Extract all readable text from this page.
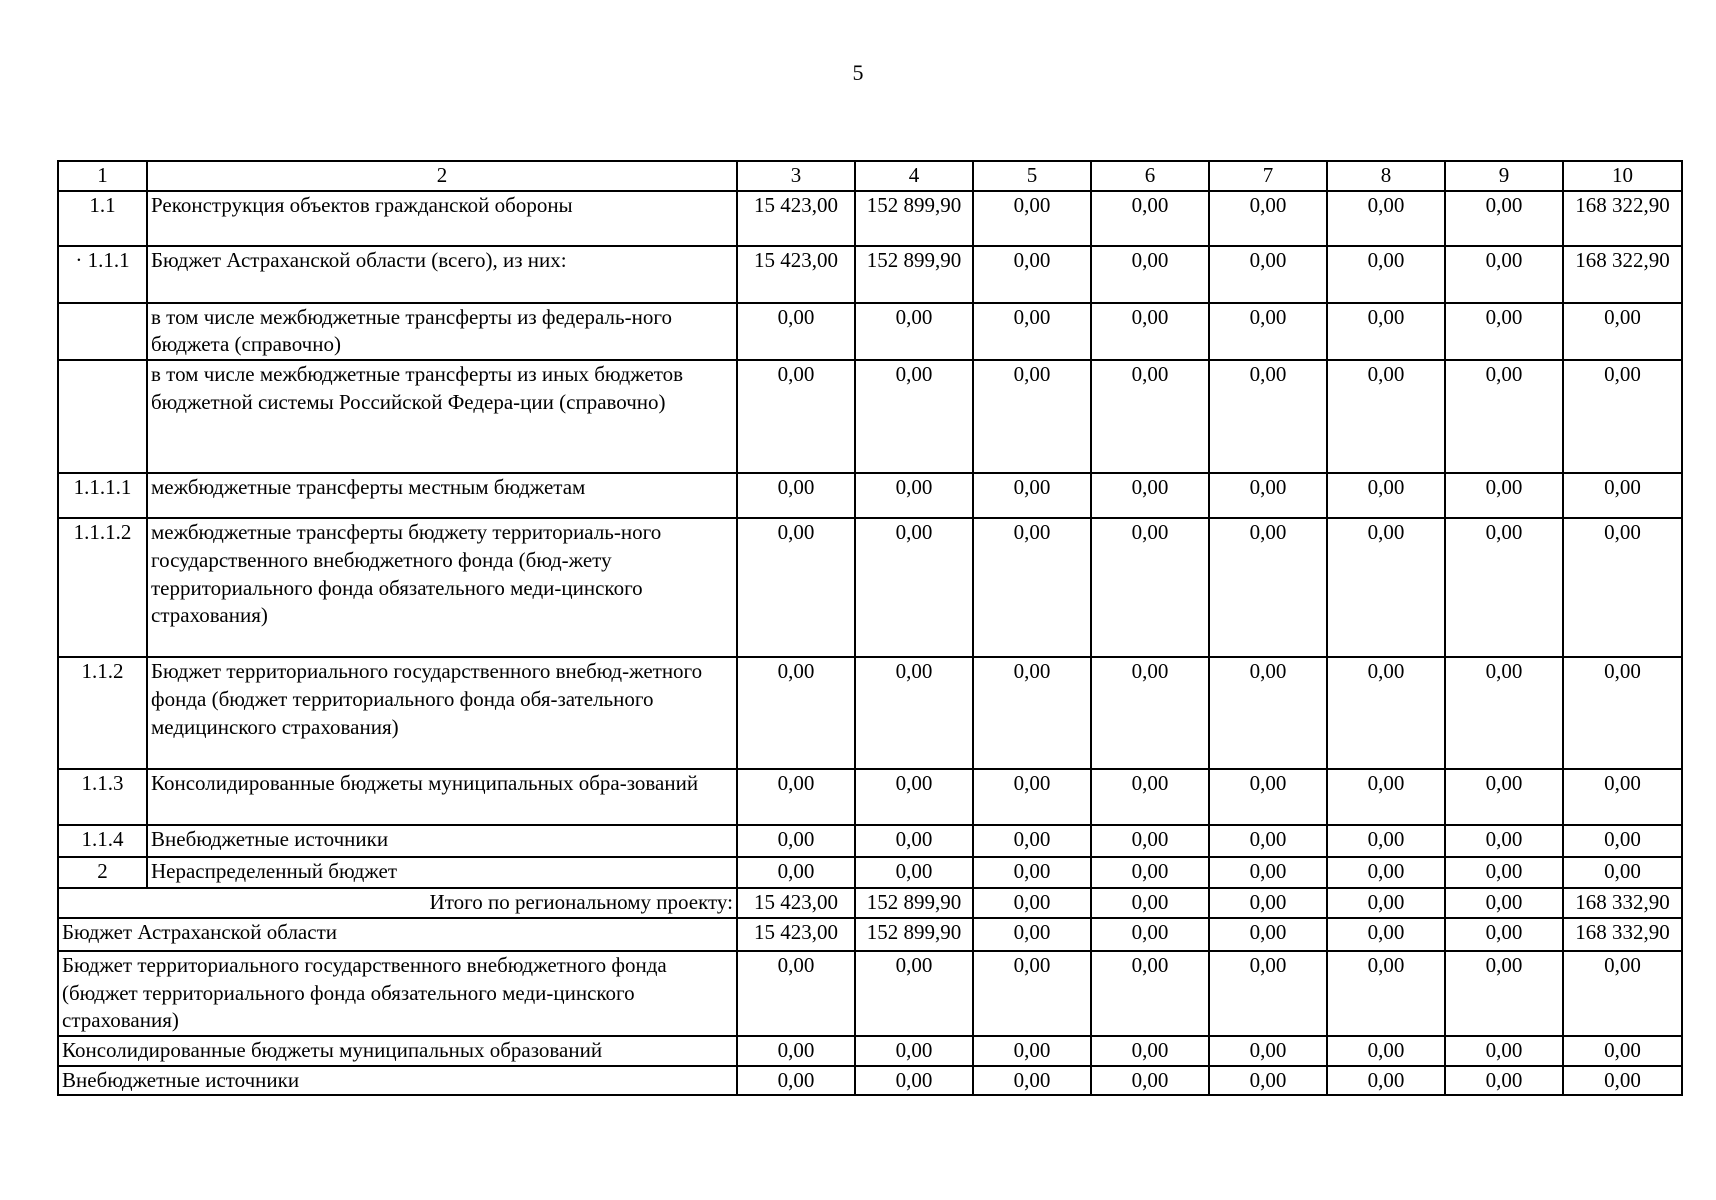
5
1	2	3	4	5	6	7	8	9	10
1.1	Реконструкция объектов гражданской обороны	15 423,00	152 899,90	0,00	0,00	0,00	0,00	0,00	168 322,90
· 1.1.1	Бюджет Астраханской области (всего), из них:	15 423,00	152 899,90	0,00	0,00	0,00	0,00	0,00	168 322,90
	в том числе межбюджетные трансферты из федераль-ного бюджета (справочно)	0,00	0,00	0,00	0,00	0,00	0,00	0,00	0,00
	в том числе межбюджетные трансферты из иных бюджетов бюджетной системы Российской Федера-ции (справочно)	0,00	0,00	0,00	0,00	0,00	0,00	0,00	0,00
1.1.1.1	межбюджетные трансферты местным бюджетам	0,00	0,00	0,00	0,00	0,00	0,00	0,00	0,00
1.1.1.2	межбюджетные трансферты бюджету территориаль-ного государственного внебюджетного фонда (бюд-жету территориального фонда обязательного меди-цинского страхования)	0,00	0,00	0,00	0,00	0,00	0,00	0,00	0,00
1.1.2	Бюджет территориального государственного внебюд-жетного фонда (бюджет территориального фонда обя-зательного медицинского страхования)	0,00	0,00	0,00	0,00	0,00	0,00	0,00	0,00
1.1.3	Консолидированные бюджеты муниципальных обра-зований	0,00	0,00	0,00	0,00	0,00	0,00	0,00	0,00
1.1.4	Внебюджетные источники	0,00	0,00	0,00	0,00	0,00	0,00	0,00	0,00
2	Нераспределенный бюджет	0,00	0,00	0,00	0,00	0,00	0,00	0,00	0,00
Итого по региональному проекту:		15 423,00	152 899,90	0,00	0,00	0,00	0,00	0,00	168 332,90
Бюджет Астраханской области		15 423,00	152 899,90	0,00	0,00	0,00	0,00	0,00	168 332,90
Бюджет территориального государственного внебюджетного фонда (бюджет территориального фонда обязательного меди-цинского страхования)		0,00	0,00	0,00	0,00	0,00	0,00	0,00	0,00
Консолидированные бюджеты муниципальных образований		0,00	0,00	0,00	0,00	0,00	0,00	0,00	0,00
Внебюджетные источники		0,00	0,00	0,00	0,00	0,00	0,00	0,00	0,00
